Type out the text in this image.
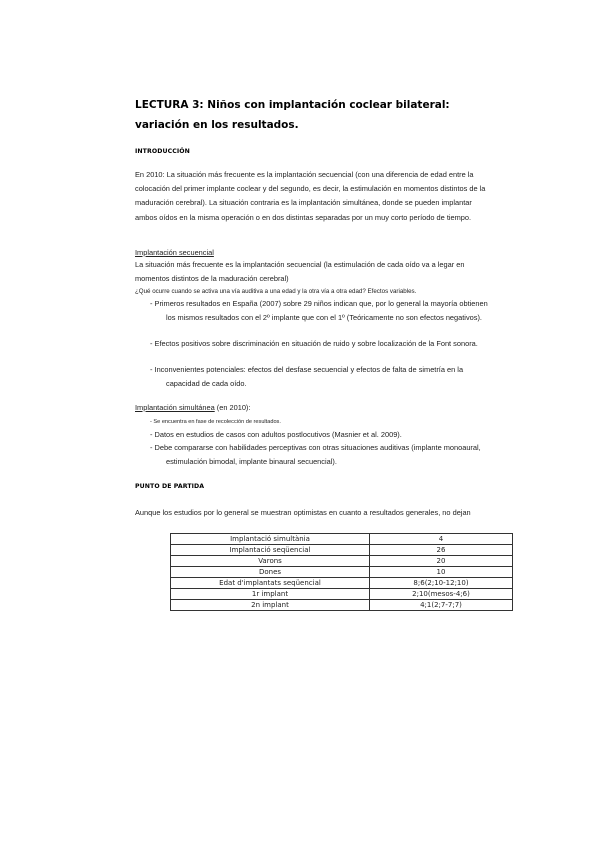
LECTURA 3: Niños con implantación coclear bilateral: variación en los resultados.
INTRODUCCIÓN
En 2010: La situación más frecuente es la implantación secuencial (con una diferencia de edad entre la colocación del primer implante coclear y del segundo, es decir, la estimulación en momentos distintos de la maduración cerebral). La situación contraria es la implantación simultánea, donde se pueden implantar ambos oídos en la misma operación o en dos distintas separadas por un muy corto período de tiempo.
Implantación secuencial
La situación más frecuente es la implantación secuencial (la estimulación de cada oído va a legar en momentos distintos de la maduración cerebral)
¿Qué ocurre cuando se activa una vía auditiva a una edad y la otra vía a otra edad? Efectos variables.
- Primeros resultados en España (2007) sobre 29 niños indican que, por lo general la mayoría obtienen los mismos resultados con el 2º implante que con el 1º (Teóricamente no son efectos negativos).
- Efectos positivos sobre discriminación en situación de ruido y sobre localización de la Font sonora.
- Inconvenientes potenciales: efectos del desfase secuencial y efectos de falta de simetría en la capacidad de cada oído.
Implantación simultánea (en 2010):
- Se encuentra en fase de recolección de resultados.
- Datos en estudios de casos con adultos postlocutivos (Masnier et al. 2009).
- Debe compararse con habilidades perceptivas con otras situaciones auditivas (implante monoaural, estimulación bimodal, implante binaural secuencial).
PUNTO DE PARTIDA
Aunque los estudios por lo general se muestran optimistas en cuanto a resultados generales, no dejan
Implantació simultània	4
Implantació seqüencial	26
Varons	20
Dones	10
Edat d'implantats seqüencial	8;6(2;10-12;10)
1r implant	2;10(mesos-4;6)
2n implant	4;1(2;7-7;7)
